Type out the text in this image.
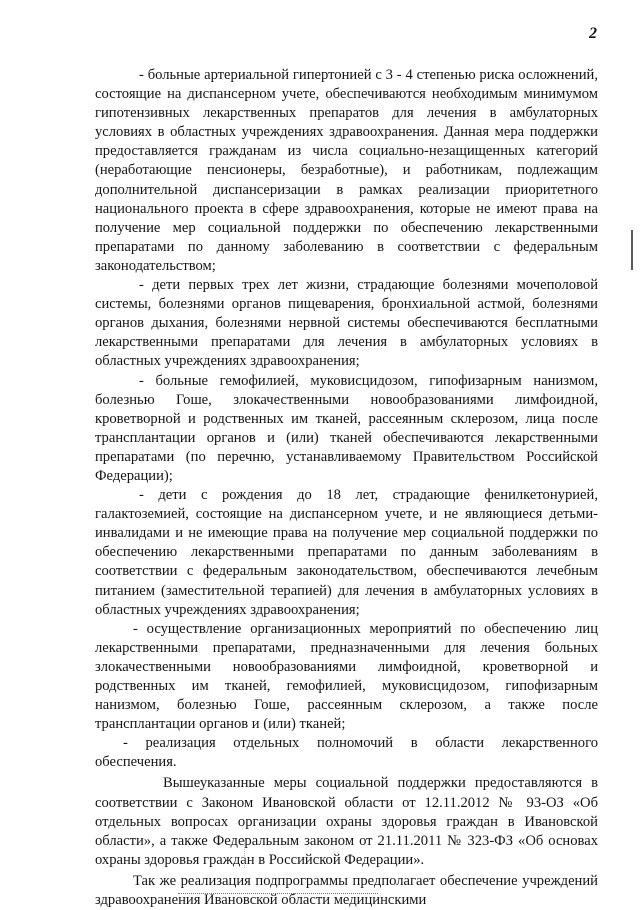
2

- больные артериальной гипертонией с 3 - 4 степенью риска осложнений, состоящие на диспансерном учете, обеспечиваются необходимым минимумом гипотензивных лекарственных препаратов для лечения в амбулаторных условиях в областных учреждениях здравоохранения. Данная мера поддержки предоставляется гражданам из числа социально-незащищенных категорий (неработающие пенсионеры, безработные), и работникам, подлежащим дополнительной диспансеризации в рамках реализации приоритетного национального проекта в сфере здравоохранения, которые не имеют права на получение мер социальной поддержки по обеспечению лекарственными препаратами по данному заболеванию в соответствии с федеральным законодательством;

- дети первых трех лет жизни, страдающие болезнями мочеполовой системы, болезнями органов пищеварения, бронхиальной астмой, болезнями органов дыхания, болезнями нервной системы обеспечиваются бесплатными лекарственными препаратами для лечения в амбулаторных условиях в областных учреждениях здравоохранения;

- больные гемофилией, муковисцидозом, гипофизарным нанизмом, болезнью Гоше, злокачественными новообразованиями лимфоидной, кроветворной и родственных им тканей, рассеянным склерозом, лица после трансплантации органов и (или) тканей обеспечиваются лекарственными препаратами (по перечню, устанавливаемому Правительством Российской Федерации);

- дети с рождения до 18 лет, страдающие фенилкетонурией, галактоземией, состоящие на диспансерном учете, и не являющиеся детьми-инвалидами и не имеющие права на получение мер социальной поддержки по обеспечению лекарственными препаратами по данным заболеваниям в соответствии с федеральным законодательством, обеспечиваются лечебным питанием (заместительной терапией) для лечения в амбулаторных условиях в областных учреждениях здравоохранения;

- осуществление организационных мероприятий по обеспечению лиц лекарственными препаратами, предназначенными для лечения больных злокачественными новообразованиями лимфоидной, кроветворной и родственных им тканей, гемофилией, муковисцидозом, гипофизарным нанизмом, болезнью Гоше, рассеянным склерозом, а также после трансплантации органов и (или) тканей;

- реализация отдельных полномочий в области лекарственного обеспечения.

Вышеуказанные меры социальной поддержки предоставляются в соответствии с Законом Ивановской области от 12.11.2012 № 93-ОЗ «Об отдельных вопросах организации охраны здоровья граждан в Ивановской области», а также Федеральным законом от 21.11.2011 № 323-ФЗ «Об основах охраны здоровья граждан в Российской Федерации».

Так же реализация подпрограммы предполагает обеспечение учреждений здравоохранения Ивановской области медицинскими
